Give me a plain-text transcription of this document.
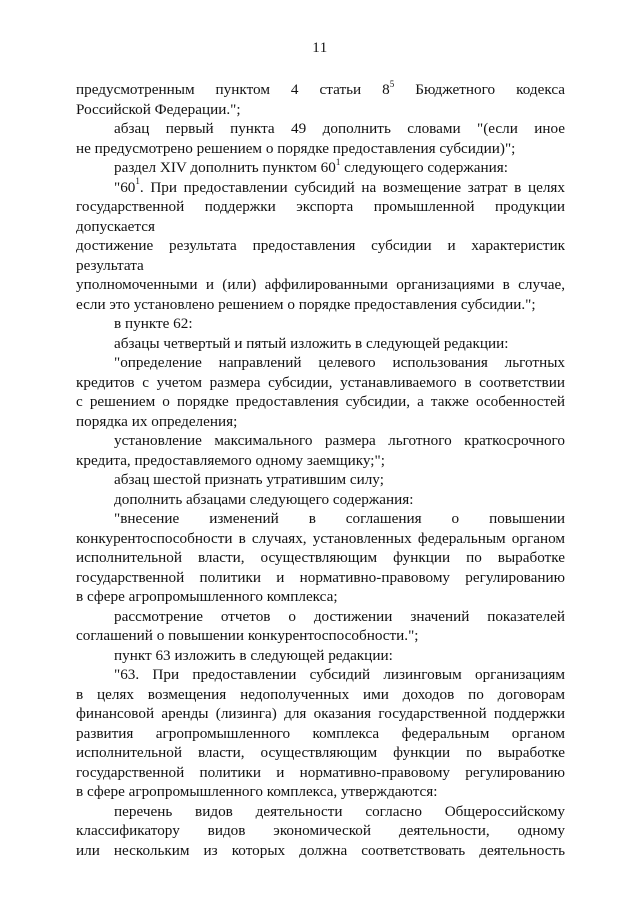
11
предусмотренным пунктом 4 статьи $8^5$ Бюджетного кодекса
Российской Федерации.";
абзац первый пункта 49 дополнить словами "(если иное
не предусмотрено решением о порядке предоставления субсидии)";
раздел XIV дополнить пунктом $60^1$ следующего содержания:
"$60^1$. При предоставлении субсидий на возмещение затрат в целях
государственной поддержки экспорта промышленной продукции допускается
достижение результата предоставления субсидии и характеристик результата
уполномоченными и (или) аффилированными организациями в случае,
если это установлено решением о порядке предоставления субсидии.";
в пункте 62:
абзацы четвертый и пятый изложить в следующей редакции:
"определение направлений целевого использования льготных
кредитов с учетом размера субсидии, устанавливаемого в соответствии
с решением о порядке предоставления субсидии, а также особенностей
порядка их определения;
установление максимального размера льготного краткосрочного
кредита, предоставляемого одному заемщику;";
абзац шестой признать утратившим силу;
дополнить абзацами следующего содержания:
"внесение изменений в соглашения о повышении
конкурентоспособности в случаях, установленных федеральным органом
исполнительной власти, осуществляющим функции по выработке
государственной политики и нормативно-правовому регулированию
в сфере агропромышленного комплекса;
рассмотрение отчетов о достижении значений показателей
соглашений о повышении конкурентоспособности.";
пункт 63 изложить в следующей редакции:
"63. При предоставлении субсидий лизинговым организациям
в целях возмещения недополученных ими доходов по договорам
финансовой аренды (лизинга) для оказания государственной поддержки
развития агропромышленного комплекса федеральным органом
исполнительной власти, осуществляющим функции по выработке
государственной политики и нормативно-правовому регулированию
в сфере агропромышленного комплекса, утверждаются:
перечень видов деятельности согласно Общероссийскому
классификатору видов экономической деятельности, одному
или нескольким из которых должна соответствовать деятельность
